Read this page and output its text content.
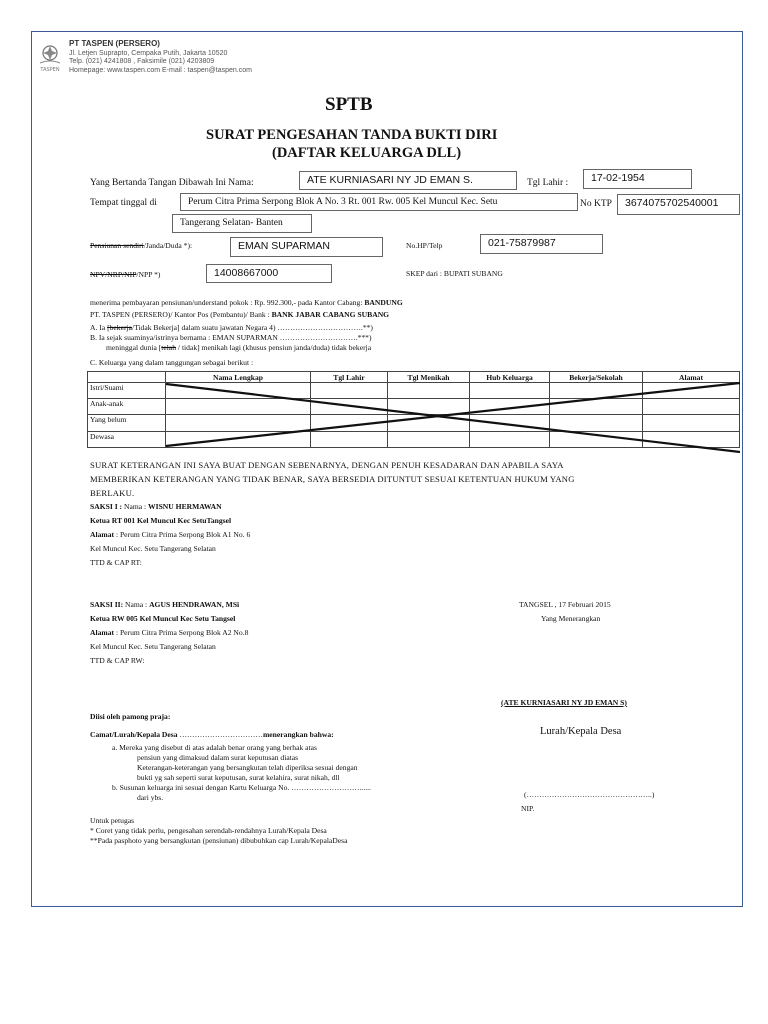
TASPEN
PT TASPEN (PERSERO)
Jl. Letjen Suprapto, Cempaka Putih, Jakarta 10520
Telp. (021) 4241808 , Faksimile (021) 4203809
Homepage: www.taspen.com E-mail : taspen@taspen.com
SPTB
SURAT PENGESAHAN TANDA BUKTI DIRI
(DAFTAR KELUARGA DLL)
Yang Bertanda Tangan Dibawah Ini Nama:	ATE KURNIASARI NY JD EMAN S.	Tgl Lahir :	17-02-1954
Tempat tinggal di	Perum Citra Prima Serpong Blok A No. 3 Rt. 001 Rw. 005 Kel Muncul Kec. Setu	No KTP	3674075702540001
Tangerang Selatan- Banten
Pensiunan sendiri/Janda/Duda *):	EMAN SUPARMAN	No.HP/Telp	021-75879987
NPV/NRP/NIP/NPP *)	14008667000	SKEP dari : BUPATI SUBANG
menerima pembayaran pensiunan/understand pokok : Rp. 992.300,- pada Kantor Cabang: BANDUNG
PT. TASPEN (PERSERO)/ Kantor Pos (Pembantu)/ Bank : BANK JABAR CABANG SUBANG
A. Ia [bekerja/Tidak Bekerja] dalam suatu jawatan Negara 4) …………………………….**)
B. Ia sejak suaminya/istrinya bernama : EMAN SUPARMAN ………………………….***)
meninggal dunia [telah / tidak] menikah lagi (khusus pensiun janda/duda) tidak bekerja
C. Keluarga yang dalam tanggungan sebagai berikut :
	Nama Lengkap	Tgl Lahir	Tgl Menikah	Hub Keluarga	Bekerja/Sekolah	Alamat
Istri/Suami						
Anak-anak						
Yang belum						
Dewasa						
SURAT KETERANGAN INI SAYA BUAT DENGAN SEBENARNYA, DENGAN PENUH KESADARAN DAN APABILA SAYA
MEMBERIKAN KETERANGAN YANG TIDAK BENAR, SAYA BERSEDIA DITUNTUT SESUAI KETENTUAN HUKUM YANG
BERLAKU.
SAKSI I : Nama : WISNU HERMAWAN
Ketua RT 001 Kel Muncul Kec SetuTangsel
Alamat : Perum Citra Prima Serpong Blok A1 No. 6
Kel Muncul Kec. Setu Tangerang Selatan
TTD & CAP RT:
SAKSI II: Nama : AGUS HENDRAWAN, MSi
Ketua RW 005 Kel Muncul Kec Setu Tangsel
Alamat : Perum Citra Prima Serpong Blok A2 No.8
Kel Muncul Kec. Setu Tangerang Selatan
TTD & CAP RW:
TANGSEL , 17 Februari 2015
Yang Menerangkan
(ATE KURNIASARI NY JD EMAN S)
Lurah/Kepala Desa
(…………………………………………..)
NIP.
Diisi oleh pamong praja:
Camat/Lurah/Kepala Desa ……………………………menerangkan bahwa:
a. Mereka yang disebut di atas adalah benar orang yang berhak atas
pensiun yang dimaksud dalam surat keputusan diatas
Keterangan-keterangan yang bersangkutan telah diperiksa sesuai dengan
bukti yg sah seperti surat keputusan, surat kelahira, surat nikah, dll
b. Susunan keluarga ini sesuai dengan Kartu Keluarga No. ………………………......
dari ybs.
Untuk petugas
* Coret yang tidak perlu, pengesahan serendah-rendahnya Lurah/Kepala Desa
**Pada pasphoto yang bersangkutan (pensiunan) dibubuhkan cap Lurah/KepalaDesa
